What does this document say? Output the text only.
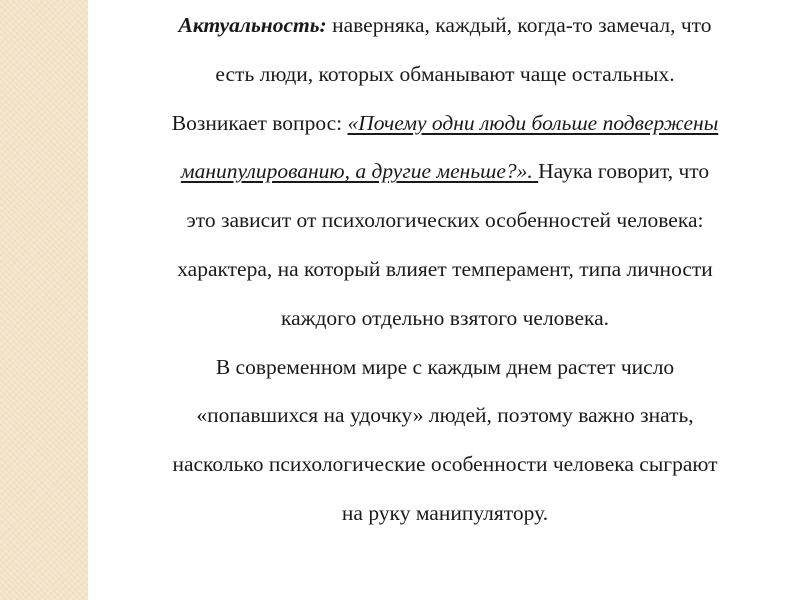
Актуальность: наверняка, каждый, когда-то замечал, что
есть люди, которых обманывают чаще остальных.
Возникает вопрос: «Почему одни люди больше подвержены
манипулированию, а другие меньше?». Наука говорит, что
это зависит от психологических особенностей человека:
характера, на который влияет темперамент, типа личности
каждого отдельно взятого человека.
В современном мире с каждым днем растет число
«попавшихся на удочку» людей, поэтому важно знать,
насколько психологические особенности человека сыграют
на руку манипулятору.
